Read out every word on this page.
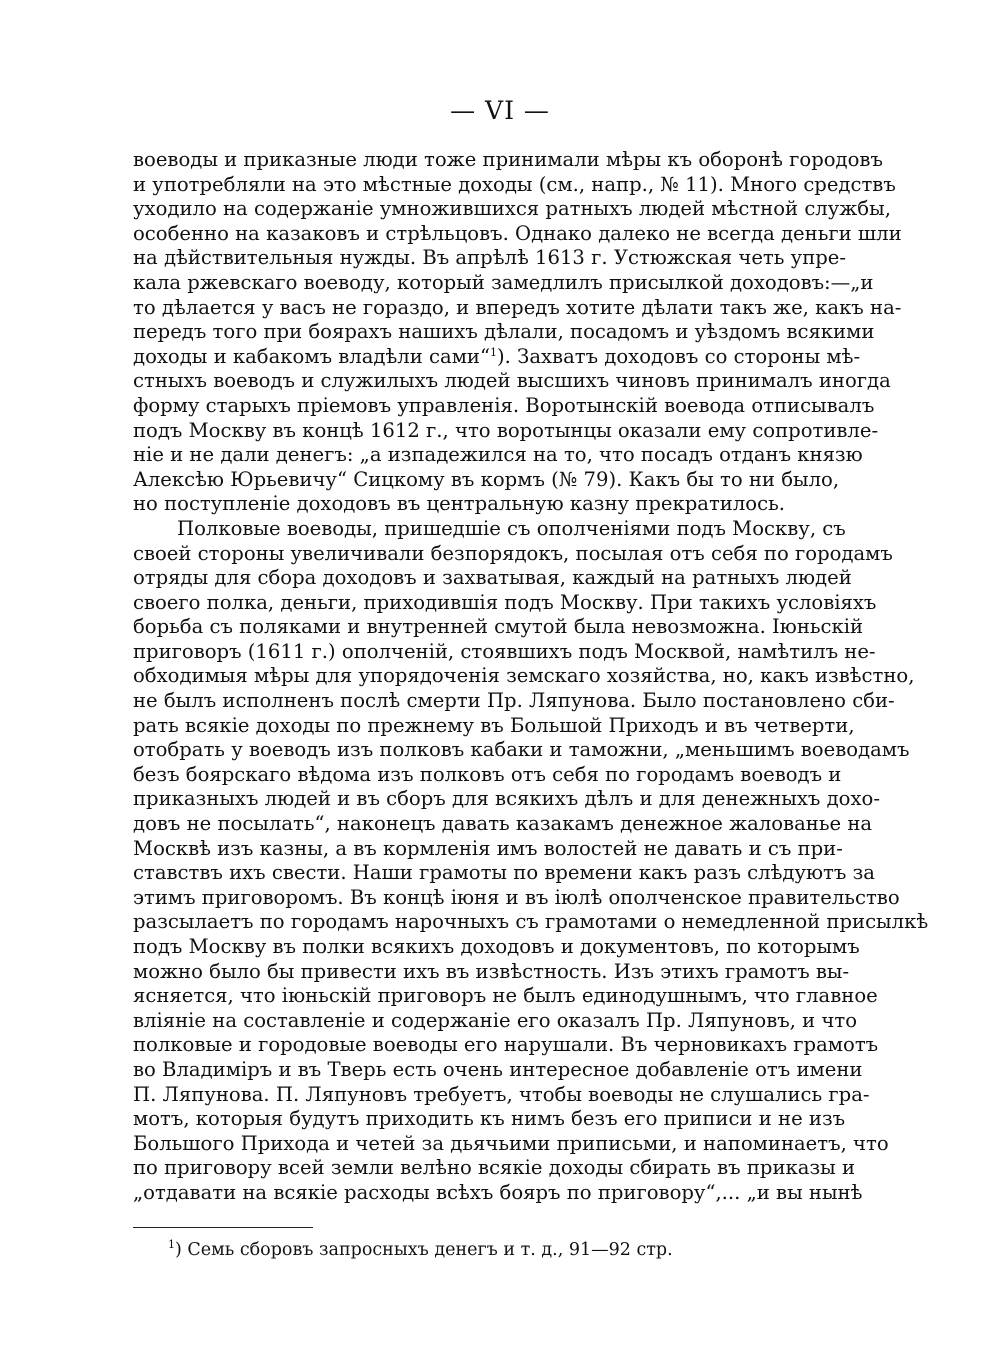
— VI —
воеводы и приказные люди тоже принимали мѣры къ оборонѣ городовъ
и употребляли на это мѣстные доходы (см., напр., № 11). Много средствъ
уходило на содержаніе умножившихся ратныхъ людей мѣстной службы,
особенно на казаковъ и стрѣльцовъ. Однако далеко не всегда деньги шли
на дѣйствительныя нужды. Въ апрѣлѣ 1613 г. Устюжская четь упре-
кала ржевскаго воеводу, который замедлилъ присылкой доходовъ:—„и
то дѣлается у васъ не гораздо, и впередъ хотите дѣлати такъ же, какъ на-
передъ того при боярахъ нашихъ дѣлали, посадомъ и уѣздомъ всякими
доходы и кабакомъ владѣли сами“$^1$). Захватъ доходовъ со стороны мѣ-
стныхъ воеводъ и служилыхъ людей высшихъ чиновъ принималъ иногда
форму старыхъ пріемовъ управленія. Воротынскій воевода отписывалъ
подъ Москву въ концѣ 1612 г., что воротынцы оказали ему сопротивле-
ніе и не дали денегъ: „а изпадежился на то, что посадъ отданъ князю
Алексѣю Юрьевичу“ Сицкому въ кормъ (№ 79). Какъ бы то ни было,
но поступленіе доходовъ въ центральную казну прекратилось.
Полковые воеводы, пришедшіе съ ополченіями подъ Москву, съ
своей стороны увеличивали безпорядокъ, посылая отъ себя по городамъ
отряды для сбора доходовъ и захватывая, каждый на ратныхъ людей
своего полка, деньги, приходившія подъ Москву. При такихъ условіяхъ
борьба съ поляками и внутренней смутой была невозможна. Іюньскій
приговоръ (1611 г.) ополченій, стоявшихъ подъ Москвой, намѣтилъ не-
обходимыя мѣры для упорядоченія земскаго хозяйства, но, какъ извѣстно,
не былъ исполненъ послѣ смерти Пр. Ляпунова. Было постановлено сби-
рать всякіе доходы по прежнему въ Большой Приходъ и въ четверти,
отобрать у воеводъ изъ полковъ кабаки и таможни, „меньшимъ воеводамъ
безъ боярскаго вѣдома изъ полковъ отъ себя по городамъ воеводъ и
приказныхъ людей и въ сборъ для всякихъ дѣлъ и для денежныхъ дохо-
довъ не посылать“, наконецъ давать казакамъ денежное жалованье на
Москвѣ изъ казны, а въ кормленія имъ волостей не давать и съ при-
ставствъ ихъ свести. Наши грамоты по времени какъ разъ слѣдуютъ за
этимъ приговоромъ. Въ концѣ іюня и въ іюлѣ ополченское правительство
разсылаетъ по городамъ нарочныхъ съ грамотами о немедленной присылкѣ
подъ Москву въ полки всякихъ доходовъ и документовъ, по которымъ
можно было бы привести ихъ въ извѣстность. Изъ этихъ грамотъ вы-
ясняется, что іюньскій приговоръ не былъ единодушнымъ, что главное
вліяніе на составленіе и содержаніе его оказалъ Пр. Ляпуновъ, и что
полковые и городовые воеводы его нарушали. Въ черновикахъ грамотъ
во Владиміръ и въ Тверь есть очень интересное добавленіе отъ имени
П. Ляпунова. П. Ляпуновъ требуетъ, чтобы воеводы не слушались гра-
мотъ, которыя будутъ приходить къ нимъ безъ его приписи и не изъ
Большого Прихода и четей за дьячьими приписьми, и напоминаетъ, что
по приговору всей земли велѣно всякіе доходы сбирать въ приказы и
„отдавати на всякіе расходы всѣхъ бояръ по приговору“,... „и вы нынѣ
$^1$) Семь сборовъ запросныхъ денегъ и т. д., 91—92 стр.
